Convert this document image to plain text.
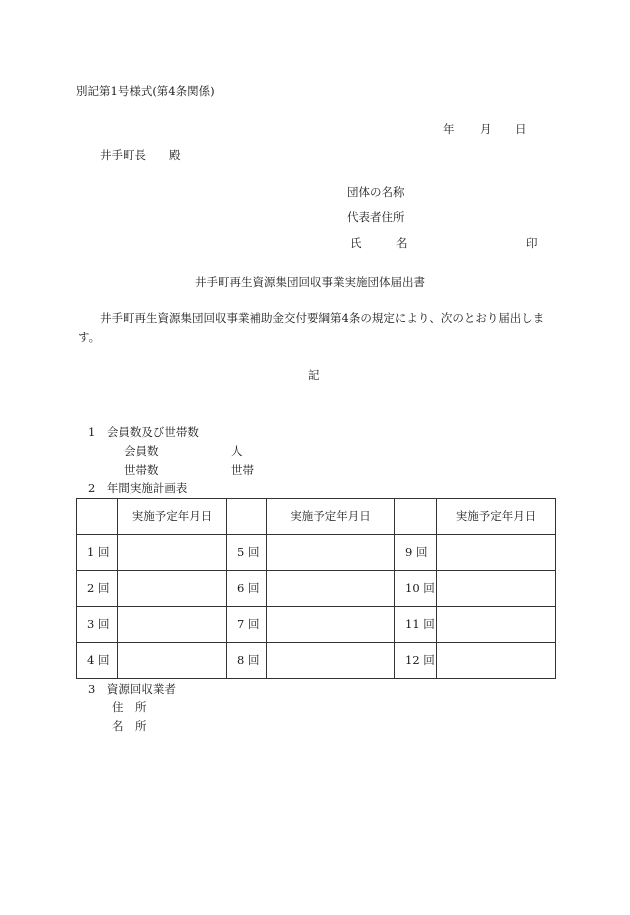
別記第1号様式(第4条関係)
年 月 日
井手町長　　殿
団体の名称
代表者住所
氏	名	印
井手町再生資源集団回収事業実施団体届出書
井手町再生資源集団回収事業補助金交付要綱第4条の規定により、次のとおり届出しま
す。
記
1　会員数及び世帯数
会員数	人
世帯数	世帯
2　年間実施計画表
	実施予定年月日		実施予定年月日		実施予定年月日
1 回		5 回		9 回	
2 回		6 回		10 回	
3 回		7 回		11 回	
4 回		8 回		12 回	
3　資源回収業者
住　所
名　所
